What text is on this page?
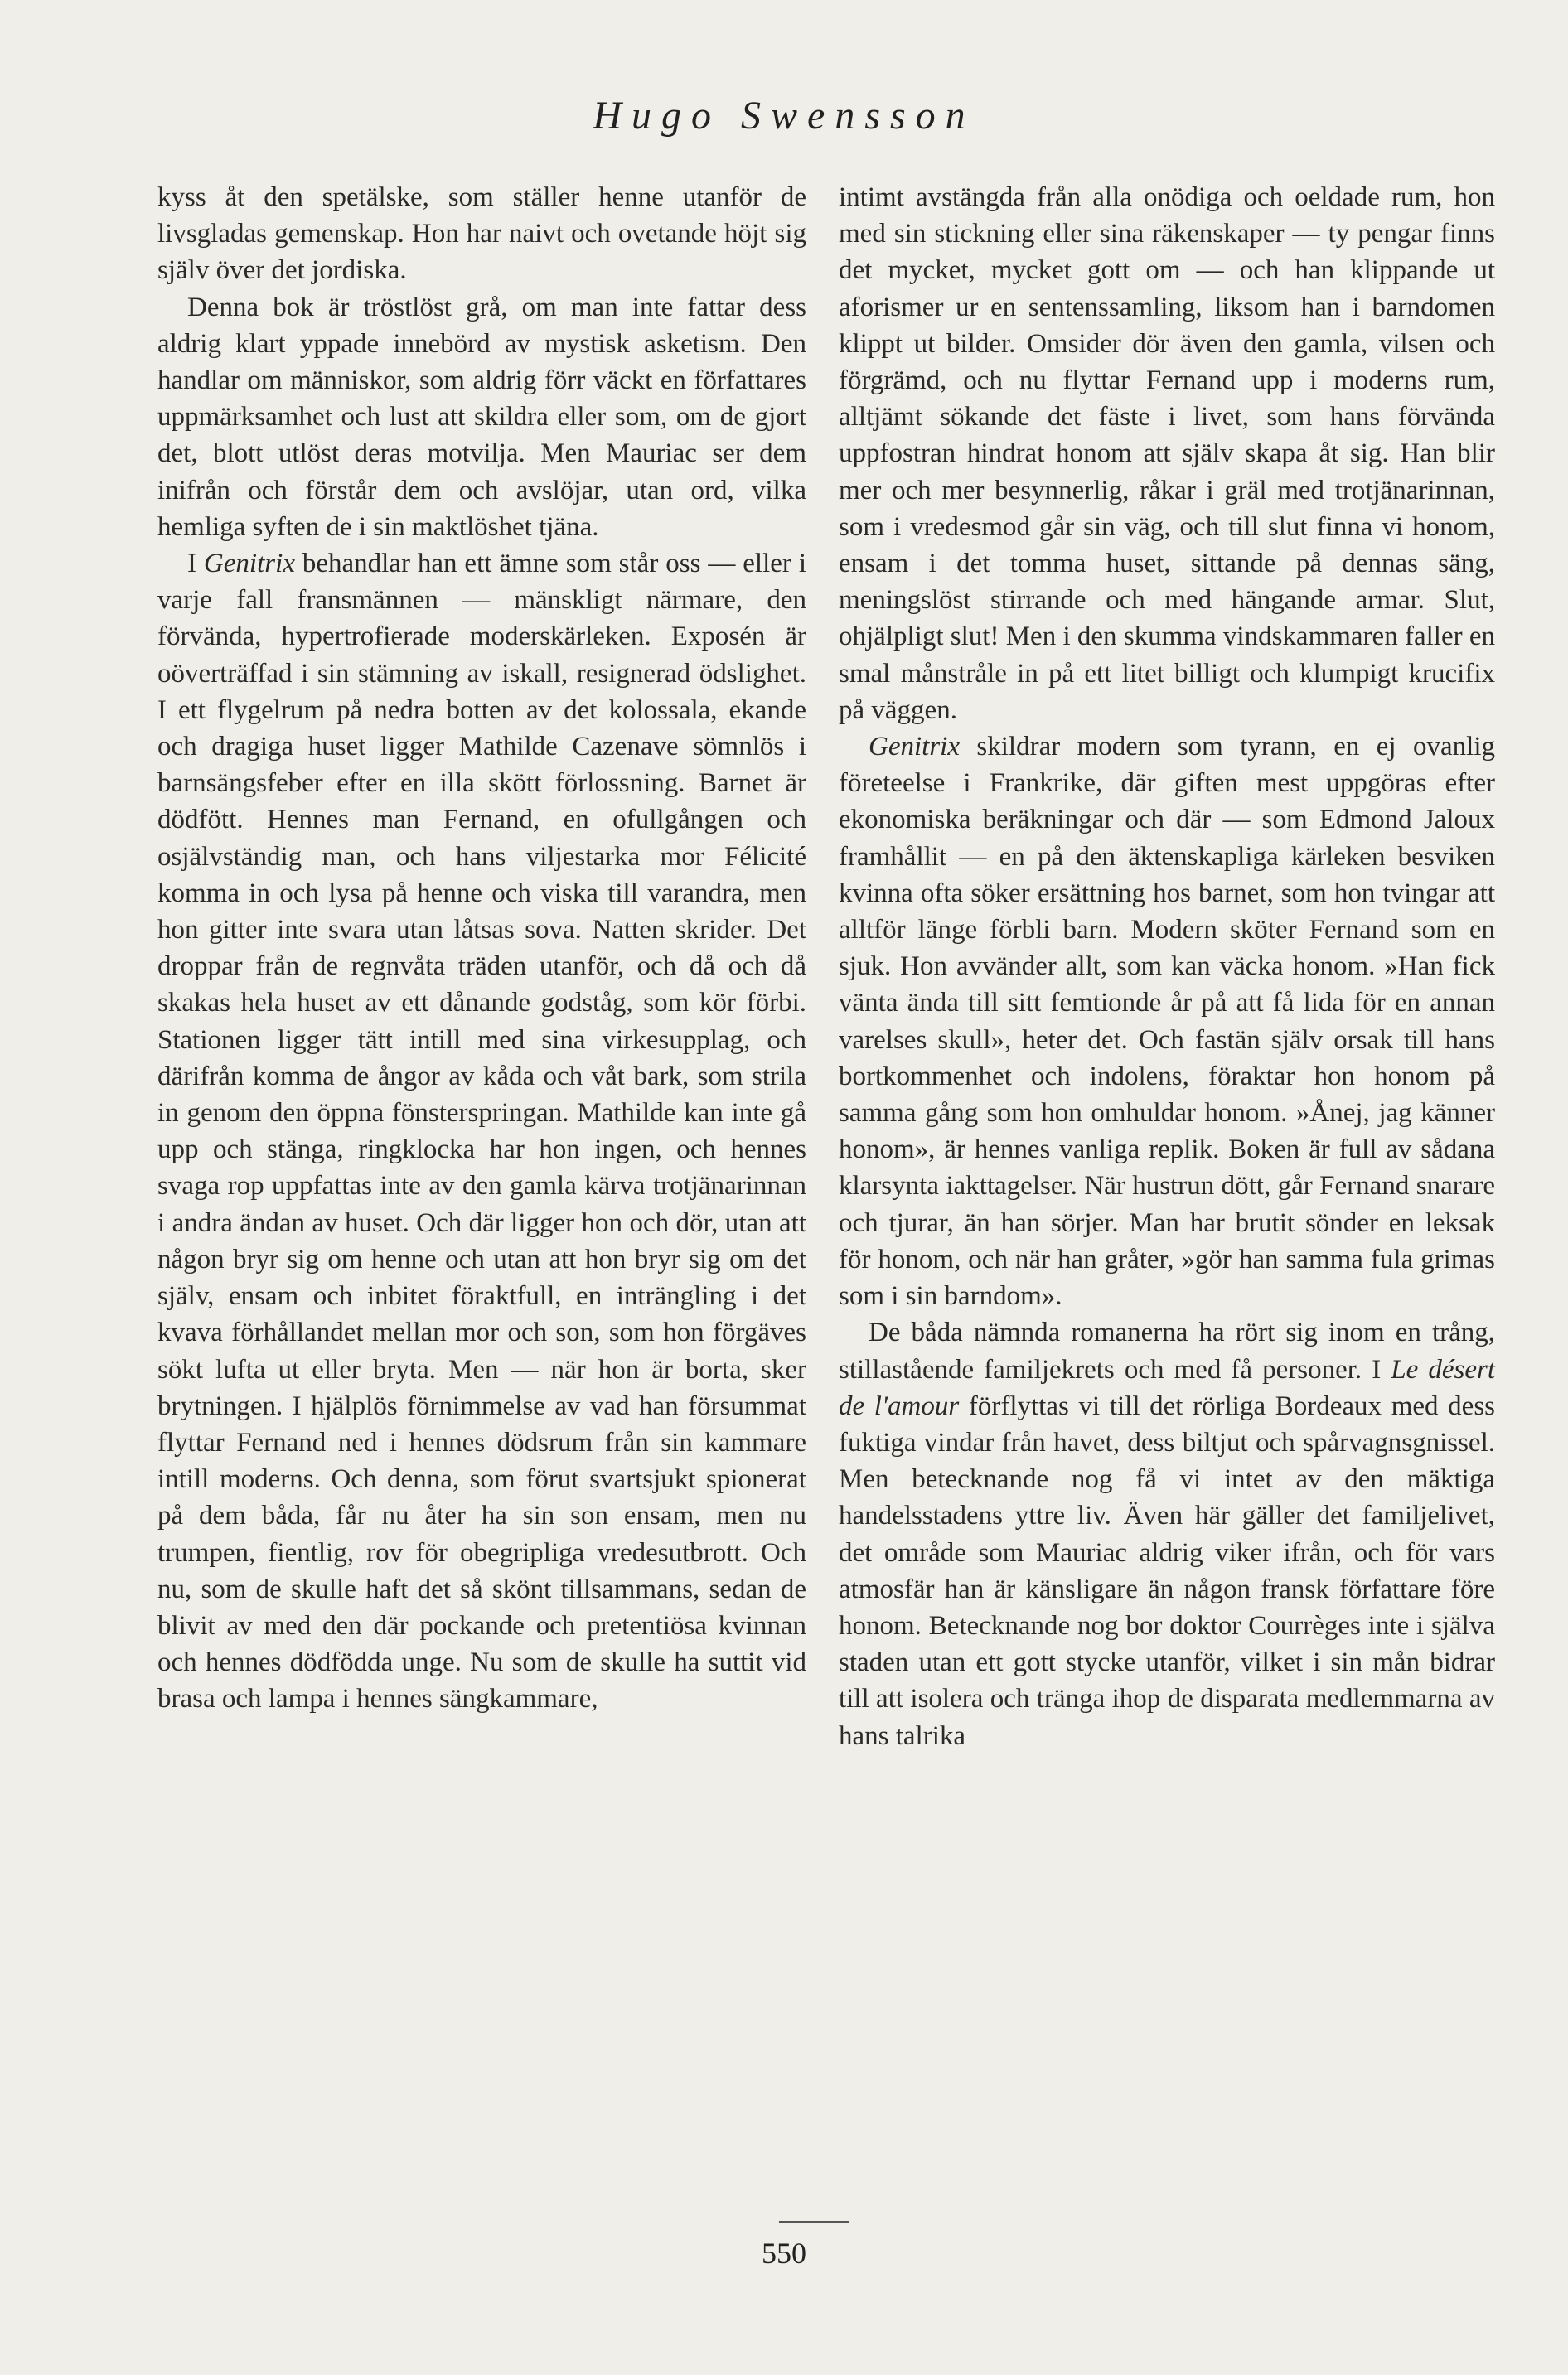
Hugo Swensson

kyss åt den spetälske, som ställer henne utanför de livsgladas gemenskap. Hon har naivt och ovetande höjt sig själv över det jordiska.

Denna bok är tröstlöst grå, om man inte fattar dess aldrig klart yppade innebörd av mystisk asketism. Den handlar om människor, som aldrig förr väckt en författares uppmärksamhet och lust att skildra eller som, om de gjort det, blott utlöst deras motvilja. Men Mauriac ser dem inifrån och förstår dem och avslöjar, utan ord, vilka hemliga syften de i sin maktlöshet tjäna.

I Genitrix behandlar han ett ämne som står oss — eller i varje fall fransmännen — mänskligt närmare, den förvända, hypertrofierade moderskärleken. Exposén är oöverträffad i sin stämning av iskall, resignerad ödslighet. I ett flygelrum på nedra botten av det kolossala, ekande och dragiga huset ligger Mathilde Cazenave sömnlös i barnsängsfeber efter en illa skött förlossning. Barnet är dödfött. Hennes man Fernand, en ofullgången och osjälvständig man, och hans viljestarka mor Félicité komma in och lysa på henne och viska till varandra, men hon gitter inte svara utan låtsas sova. Natten skrider. Det droppar från de regnvåta träden utanför, och då och då skakas hela huset av ett dånande godståg, som kör förbi. Stationen ligger tätt intill med sina virkesupplag, och därifrån komma de ångor av kåda och våt bark, som strila in genom den öppna fönsterspringan. Mathilde kan inte gå upp och stänga, ringklocka har hon ingen, och hennes svaga rop uppfattas inte av den gamla kärva trotjänarinnan i andra ändan av huset. Och där ligger hon och dör, utan att någon bryr sig om henne och utan att hon bryr sig om det själv, ensam och inbitet föraktfull, en inträngling i det kvava förhållandet mellan mor och son, som hon förgäves sökt lufta ut eller bryta. Men — när hon är borta, sker brytningen. I hjälplös förnimmelse av vad han försummat flyttar Fernand ned i hennes dödsrum från sin kammare intill moderns. Och denna, som förut svartsjukt spionerat på dem båda, får nu åter ha sin son ensam, men nu trumpen, fientlig, rov för obegripliga vredesutbrott. Och nu, som de skulle haft det så skönt tillsammans, sedan de blivit av med den där pockande och pretentiösa kvinnan och hennes dödfödda unge. Nu som de skulle ha suttit vid brasa och lampa i hennes sängkammare,

intimt avstängda från alla onödiga och oeldade rum, hon med sin stickning eller sina räkenskaper — ty pengar finns det mycket, mycket gott om — och han klippande ut aforismer ur en sentenssamling, liksom han i barndomen klippt ut bilder. Omsider dör även den gamla, vilsen och förgrämd, och nu flyttar Fernand upp i moderns rum, alltjämt sökande det fäste i livet, som hans förvända uppfostran hindrat honom att själv skapa åt sig. Han blir mer och mer besynnerlig, råkar i gräl med trotjänarinnan, som i vredesmod går sin väg, och till slut finna vi honom, ensam i det tomma huset, sittande på dennas säng, meningslöst stirrande och med hängande armar. Slut, ohjälpligt slut! Men i den skumma vindskammaren faller en smal månstråle in på ett litet billigt och klumpigt krucifix på väggen.

Genitrix skildrar modern som tyrann, en ej ovanlig företeelse i Frankrike, där giften mest uppgöras efter ekonomiska beräkningar och där — som Edmond Jaloux framhållit — en på den äktenskapliga kärleken besviken kvinna ofta söker ersättning hos barnet, som hon tvingar att alltför länge förbli barn. Modern sköter Fernand som en sjuk. Hon avvänder allt, som kan väcka honom. »Han fick vänta ända till sitt femtionde år på att få lida för en annan varelses skull», heter det. Och fastän själv orsak till hans bortkommenhet och indolens, föraktar hon honom på samma gång som hon omhuldar honom. »Ånej, jag känner honom», är hennes vanliga replik. Boken är full av sådana klarsynta iakttagelser. När hustrun dött, går Fernand snarare och tjurar, än han sörjer. Man har brutit sönder en leksak för honom, och när han gråter, »gör han samma fula grimas som i sin barndom».

De båda nämnda romanerna ha rört sig inom en trång, stillastående familjekrets och med få personer. I Le désert de l'amour förflyttas vi till det rörliga Bordeaux med dess fuktiga vindar från havet, dess biltjut och spårvagnsgnissel. Men betecknande nog få vi intet av den mäktiga handelsstadens yttre liv. Även här gäller det familjelivet, det område som Mauriac aldrig viker ifrån, och för vars atmosfär han är känsligare än någon fransk författare före honom. Betecknande nog bor doktor Courrèges inte i själva staden utan ett gott stycke utanför, vilket i sin mån bidrar till att isolera och tränga ihop de disparata medlemmarna av hans talrika

550
